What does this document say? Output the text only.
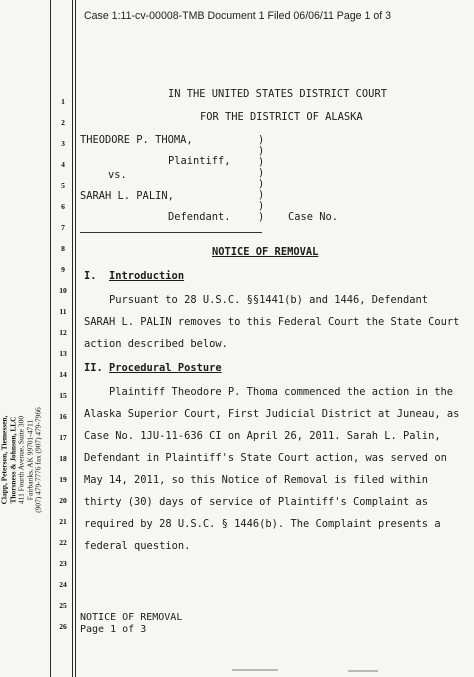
Case 1:11-cv-00008-TMB Document 1 Filed 06/06/11 Page 1 of 3
Clapp, Peterson, Tiemessen, Thorsness & Johnson, LLC 411 Fourth Avenue, Suite 300 Fairbanks, AK 99701-4711 (907) 479-7776 fax (907) 479-7966
1
2
3
4
5
6
7
8
9
10
11
12
13
14
15
16
17
18
19
20
21
22
23
24
25
26
IN THE UNITED STATES DISTRICT COURT
FOR THE DISTRICT OF ALASKA
THEODORE P. THOMA,
Plaintiff,
vs.
SARAH L. PALIN,
Defendant.	Case No.
)
)
)
)
)
)
)
)
NOTICE OF REMOVAL
I. Introduction
Pursuant to 28 U.S.C. §§1441(b) and 1446, Defendant
SARAH L. PALIN removes to this Federal Court the State Court
action described below.
II. Procedural Posture
Plaintiff Theodore P. Thoma commenced the action in the
Alaska Superior Court, First Judicial District at Juneau, as
Case No. 1JU-11-636 CI on April 26, 2011. Sarah L. Palin,
Defendant in Plaintiff's State Court action, was served on
May 14, 2011, so this Notice of Removal is filed within
thirty (30) days of service of Plaintiff's Complaint as
required by 28 U.S.C. § 1446(b). The Complaint presents a
federal question.
NOTICE OF REMOVAL
Page 1 of 3
